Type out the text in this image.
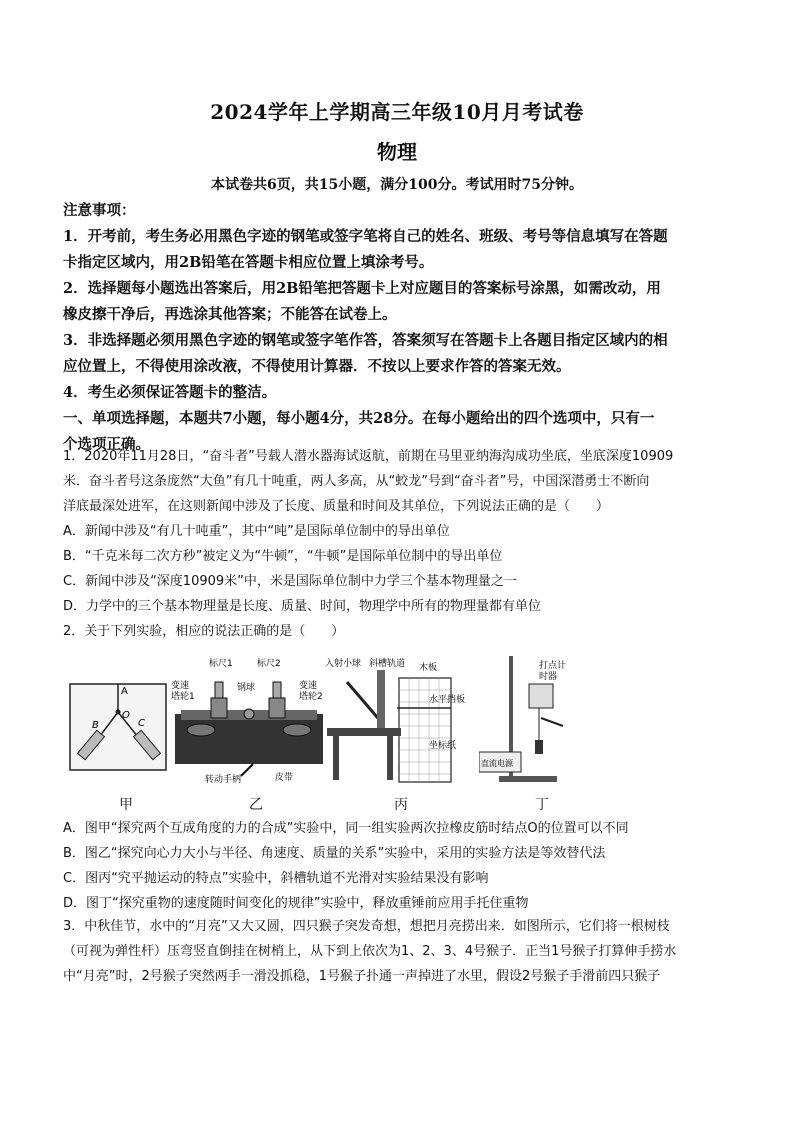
2024学年上学期高三年级10月月考试卷
物理
本试卷共6页，共15小题，满分100分。考试用时75分钟。
注意事项：
1．开考前，考生务必用黑色字迹的钢笔或签字笔将自己的姓名、班级、考号等信息填写在答题
卡指定区域内，用2B铅笔在答题卡相应位置上填涂考号。
2．选择题每小题选出答案后，用2B铅笔把答题卡上对应题目的答案标号涂黑，如需改动，用
橡皮擦干净后，再选涂其他答案；不能答在试卷上。
3．非选择题必须用黑色字迹的钢笔或签字笔作答，答案须写在答题卡上各题目指定区域内的相
应位置上，不得使用涂改液，不得使用计算器．不按以上要求作答的答案无效。
4．考生必须保证答题卡的整洁。
一、单项选择题，本题共7小题，每小题4分，共28分。在每小题给出的四个选项中，只有一
个选项正确。
1．2020年11月28日，“奋斗者”号载人潜水器海试返航，前期在马里亚纳海沟成功坐底，坐底深度10909
米．奋斗者号这条庞然“大鱼”有几十吨重，两人多高，从“蛟龙”号到“奋斗者”号，中国深潜勇士不断向
洋底最深处进军，在这则新闻中涉及了长度、质量和时间及其单位，下列说法正确的是（　　）
A．新闻中涉及“有几十吨重”，其中“吨”是国际单位制中的导出单位
B．“千克米每二次方秒”被定义为“牛顿”，“牛顿”是国际单位制中的导出单位
C．新闻中涉及“深度10909米”中，米是国际单位制中力学三个基本物理量之一
D．力学中的三个基本物理量是长度、质量、时间，物理学中所有的物理量都有单位
2．关于下列实验，相应的说法正确的是（　　）
A
B	C
O
标尺1	标尺2
变速
塔轮1
钢球	变速
塔轮2
转动手柄	皮带
入射小球 斜槽轨道 木板
水平挡板
坐标纸
打点计
时器
直流电源
甲	乙	丙	丁
A．图甲“探究两个互成角度的力的合成”实验中，同一组实验两次拉橡皮筋时结点O的位置可以不同
B．图乙“探究向心力大小与半径、角速度、质量的关系”实验中，采用的实验方法是等效替代法
C．图丙“究平抛运动的特点”实验中，斜槽轨道不光滑对实验结果没有影响
D．图丁“探究重物的速度随时间变化的规律”实验中，释放重锤前应用手托住重物
3．中秋佳节，水中的“月亮”又大又圆，四只猴子突发奇想，想把月亮捞出来．如图所示，它们将一根树枝
（可视为弹性杆）压弯竖直倒挂在树梢上，从下到上依次为1、2、3、4号猴子．正当1号猴子打算伸手捞水
中“月亮”时，2号猴子突然两手一滑没抓稳，1号猴子扑通一声掉进了水里，假设2号猴子手滑前四只猴子
